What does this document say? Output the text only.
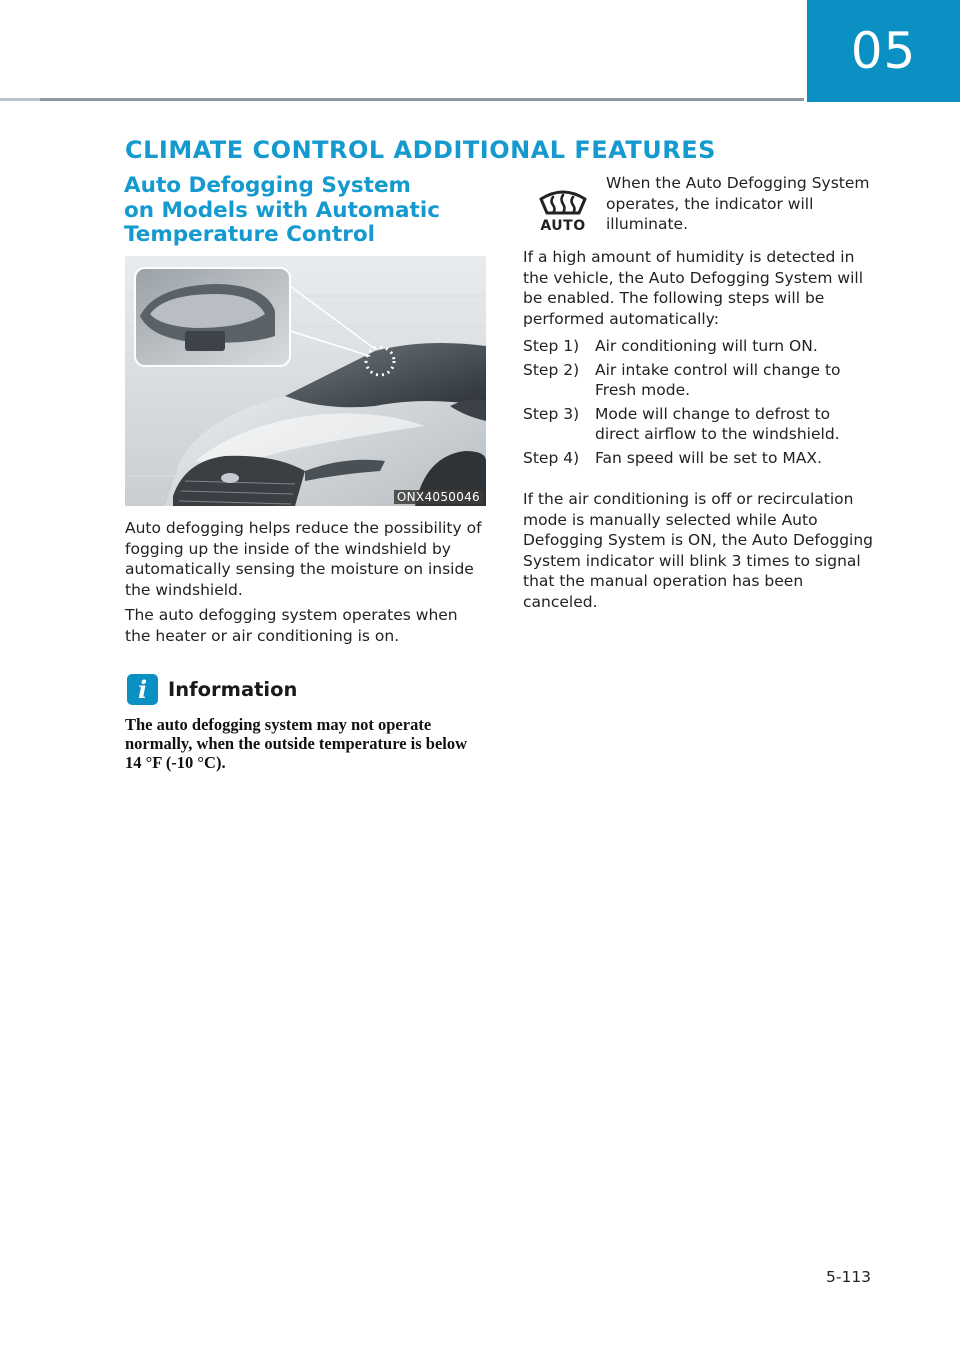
05
CLIMATE CONTROL ADDITIONAL FEATURES
Auto Defogging System
on Models with Automatic
Temperature Control
ONX4050046
Auto defogging helps reduce the possibility of fogging up the inside of the windshield by automatically sensing the moisture on inside the windshield.
The auto defogging system operates when the heater or air conditioning is on.
i	Information
The auto defogging system may not operate normally, when the outside temperature is below 14 °F (-10 °C).
AUTO
When the Auto Defogging System operates, the indicator will illuminate.
If a high amount of humidity is detected in the vehicle, the Auto Defogging System will be enabled. The following steps will be performed automatically:
Step 1)	Air conditioning will turn ON.
Step 2)	Air intake control will change to Fresh mode.
Step 3)	Mode will change to defrost to direct airflow to the windshield.
Step 4)	Fan speed will be set to MAX.
If the air conditioning is off or recirculation mode is manually selected while Auto Defogging System is ON, the Auto Defogging System indicator will blink 3 times to signal that the manual operation has been canceled.
5-113
